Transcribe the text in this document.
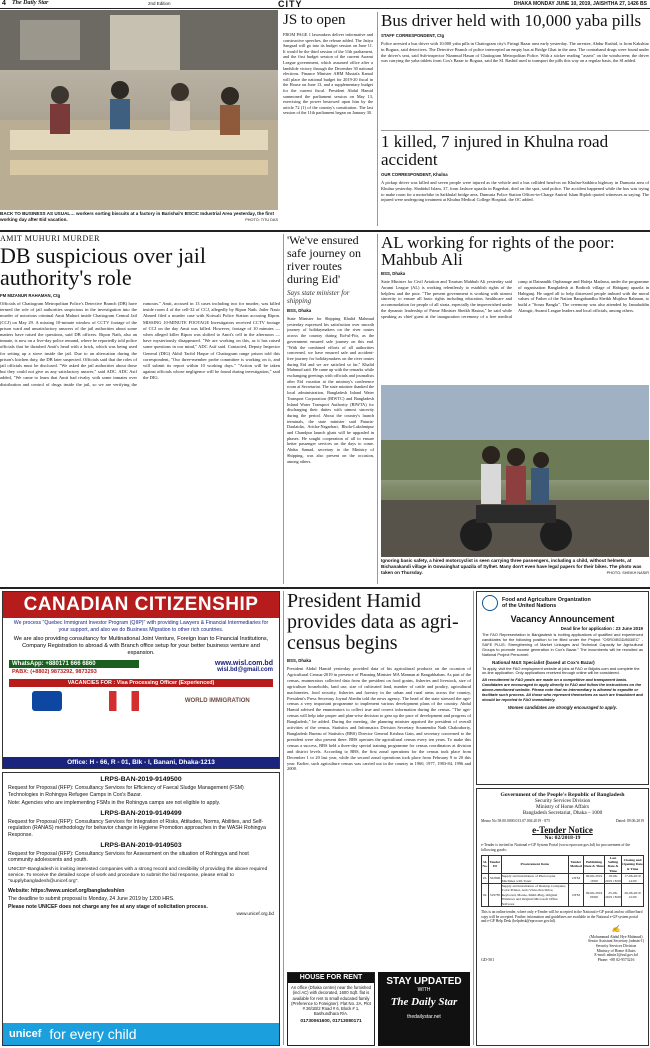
4 The Daily Star	2nd Edition	CITY	DHAKA MONDAY JUNE 10, 2019, JAISHTHA 27, 1426 BS
BACK TO BUSINESS AS USUAL… workers sorting biscuits at a factory in Barishal's BSCIC Industrial Area yesterday, the first working day after Eid vacation.	PHOTO: TITU DAS
JS to open

FROM PAGE 1 lawmakers deliver informative and constructive speeches, the release added. The Jatiya Sangsad will go into its budget session on June 11. It would be the third session of the 11th parliament, and the first budget session of the current Awami League government, which assumed office after a landslide victory through the December 30 national elections. Finance Minister AHM Mustafa Kamal will place the national budget for 2019-20 fiscal in the House on June 13, and a supplementary budget for the current fiscal. President Abdul Hamid summoned the parliament session on May 13, exercising the power bestowed upon him by the article 72 (1) of the country's constitution. The last session of the 11th parliament began on January 30.

Bus driver held with 10,000 yaba pills
STAFF CORRESPONDENT, Ctg

Police arrested a bus driver with 10,000 yaba pills in Chattogram city's Firingi Bazar area early yesterday. The arrestee, Abdur Rashid, is from Kakshiar in Bogura, said detectives. The Detective Branch of police intercepted an empty bus at Bridge Ghat in the area. The contraband drugs were found under the driver's seat, said Sub-inspector Nizamud Hasan of Chattogram Metropolitan Police. With a sticker reading "assets" on the windscreen; the driver was carrying the yaba tablets from Cox's Bazar to Bogura, said the SI. Rashid used to transport the pills this way on a regular basis, the SI added.

1 killed, 7 injured in Khulna road accident
OUR CORRESPONDENT, Khulna

A pickup driver was killed and seven people were injured as the vehicle and a bus collided head-on on Khulna-Satkhira highway in Dumuria area of Khulna yesterday. Shahidul Islam, 37, from Jashore upazila in Bagerhat, died on the spot, said police. The accident happened while the bus was trying to make room for a motorbike in Satkhulal bridge area, Dumuria Police Station Officer-in-Charge Amirul Islam Biplob quoted witnesses as saying. The injured were undergoing treatment at Khulna Medical College Hospital, the OC added.

AMIT MUHURI MURDER
DB suspicious over jail authority's role
FM MIZANUR RAHAMAN, Ctg

Officials of Chattogram Metropolitan Police's Detective Branch (DB) have termed the role of jail authorities suspicious in the investigation into the murder of notorious criminal Amit Muhuri inside Chattogram Central Jail (CCJ) on May 29. A missing 10-minute window of CCTV footage of the prison ward and unsatisfactory answers of the jail authorities about some matters have raised the questions, said DB officers. Ripon Nath, also an inmate, is now on a five-day police remand, where he reportedly told police officials that he thrashed Amit's head with a brick, which was being used for setting up a stove inside the jail. Due to an altercation during the prison's kitchen duty, the DB later suspected. Officials said that the roles of jail officials must be disclosed. "We asked the jail authorities about those but they could not give us any satisfactory answer," said ADC. ADC Asif added, "We came to learn that Amit had rivalry with some inmates over distribution and control of drugs inside the jail, so we are verifying the rumours." Amit, accused in 13 cases including two for murder, was killed inside room 4 of the cell-32 of CCJ, allegedly by Ripon Nath. Jailer Nasir Ahmed filed a murder case with Kotwali Police Station accusing Ripon. MISSING 10-MINUTE FOOTAGE Investigators received CCTV footage of CCJ on the day Amit was killed. However, footage of 10 minutes — when alleged killer Ripon was shifted to Amit's cell in the afternoon — have mysteriously disappeared. "We are working on this, as it has raised some questions in our mind," ADC Asif said. Contacted, Deputy Inspector General (DIG) Akhil Tarfid Haque of Chattogram range prison told this correspondent, "Our three-member probe committee is working on it, and will submit its report within 10 working days." "Action will be taken against officials whose negligence will be found during investigation," said the DIG.

'We've ensured safe journey on river routes during Eid'
Says state minister for shipping
BSS, Dhaka

State Minister for Shipping Khalid Mahmud yesterday expressed his satisfaction over smooth journey of holidaymakers on the river routes across the country during Eid-ul-Fitr, as the government ensured safe journey on this end. "With the combined efforts of all authorities concerned, we have ensured safe and accident-free journey for holidaymakers on the river routes during Eid and we are satisfied so far," Khalid Mahmud said. He came up with the remarks while exchanging greetings with officials and journalists after Eid vacation at the ministry's conference room at Secretariat. The state minister thanked the local administration, Bangladesh Inland Water Transport Corporation (BIWTC) and Bangladesh Inland Water Transport Authority (BIWTA) for discharging their duties with utmost sincerity during the period. About the country's launch terminals, the state minister said Paturia-Daulatdia, Aricha-Nagarbari, Bhola-Lakshmipur and Chandpur launch ghats will be upgraded in phases. He sought cooperation of all to ensure better passenger services on the days to come. Abdus Samad, secretary to the Ministry of Shipping, was also present on the occasion, among others.

AL working for rights of the poor: Mahbub Ali
BSS, Dhaka

State Minister for Civil Aviation and Tourism Mahbub Ali yesterday said Awami League (AL) is working relentlessly to establish rights of the helpless and the poor. "The present government is working with utmost sincerity to ensure all basic rights including education, healthcare and accommodation for people of all strata, especially the impoverished under the dynamic leadership of Prime Minister Sheikh Hasina," he said while speaking as chief guest at the inauguration ceremony of a free medical camp at Dainandik Orphanage and Hafeja Madrasa, under the programme of organisation Bangladesh at Bodiroli village of Habiganj upazila in Habiganj. He urged all to help distressed people imbued with the moral values of Father of the Nation Bangabandhu Sheikh Mujibur Rahman, to build a "Sonar Bangla". The ceremony was also attended by Jamaluddin Alamgir, Awami League leaders and local officials, among others.

Ignoring basic safety, a hired motorcyclist is seen carrying three passengers, including a child, without helmets, at Bichanakandi village in Gowainghat upazila of Sylhet. Many don't even have legal papers for their bikes. The photo was taken on Thursday.	PHOTO: SHEIKH NASIR
CANADIAN CITIZENSHIP

We process "Quebec Immigrant Investor Program (QIIP)" with providing Lawyers & Financial Intermediaries for your support, and also we do Business Migration to other rich countries.

We are also providing consultancy for Multinational Joint Venture, Foreign loan to Financial Institutions, Company Registration to abroad & with Branch office setup for your better business venture and expansion.

WhatsApp: +880171 666 6860
PABX: (+8802) 9873292, 9873293
www.wisl.com.bd
wisl.bd@gmail.com
VACANCIES FOR : Visa Processing Officer (Experienced)
WORLD IMMIGRATION
Office: H - 66, R - 01, Blk - I, Banani, Dhaka-1213
LRPS-BAN-2019-9149500

Request for Proposal (RFP): Consultancy Services for Efficiency of Faecal Sludge Management (FSM) Technologies in Rohingya Refugee Camps in Cox's Bazar.

Note: Agencies who are implementing FSMs in the Rohingya camps are not eligible to apply.

LRPS-BAN-2019-9149499

Request for Proposal (RFP): Consultancy Services for Integration of Risks, Attitudes, Norms, Abilities, and Self-regulation (RANAS) methodology for behavior change in Hygiene Promotion approaches in the WASH Rohingya Response.

LRPS-BAN-2019-9149503

Request for Proposal (RFP): Consultancy Services for Assessment on the situation of Rohingya and host community adolescents and youth.

UNICEF-Bangladesh is inviting interested companies with a strong record and credibility of providing the above required service. To receive the detailed scope of work and procedure to submit the bid response, please email to "supplybangladesh@unicef.org".

Website: https://www.unicef.org/bangladesh/en
The deadline to submit proposal is Monday, 24 June 2019 by 1200 HRS.
Please note UNICEF does not charge any fee at any stage of solicitation process.
www.unicef.org.bd
unicef for every child
President Hamid provides data as agri-census begins
BSS, Dhaka

President Abdul Hamid yesterday provided data of his agricultural products on the occasion of Agricultural Census-2019 in presence of Planning Minister MA Mannan at Bangabhaban. As part of the census, enumerators collected data from the president on food grains, fisheries and livestock, size of agriculture households, land use, size of cultivated land, number of cattle and poultry, agricultural machineries, food security, fisheries and forestry in the urban and rural areas across the country, President's Press Secretary Joynal Abedin told the news agency. The head of the state stressed the agri-census a very important programme to implement various development plans of the country. Abdul Hamid advised the enumerators to collect true and correct information during the census. "The agri-census will help take proper and plan-wise decision to gear up the pace of development and progress of Bangladesh," he added. During the meeting, the planning minister apprised the president of overall activities of the census. Statistics and Informatics Division Secretary Soumendra Nath Chakraborty, Bangladesh Bureau of Statistics (BBS) Director General Krishna Gain, and secretary concerned to the president were also present there. BBS operates the agricultural census every ten years. To make this census a success, BBS held a three-day special training programme for census coordinators at division and district levels. According to BBS, the first zonal operations for the census took place from December 1 to 20 last year, while the second zonal operations took place from February 9 to 20 this year. Earlier, such agriculture census was carried out in the country in 1960, 1977, 1983-84, 1996 and 2008.

HOUSE FOR RENT

An office (Dhaka centre) near the furnished (incl AC) with decorated, 1600 Sqft. flat is available for rent to small educated family (Preference to Foreigner). Flat No. 2A, Plot # 26/1B/2 Road # 6, Block # 1, Bashundhara R/A.

01730061600, 01713080171
STAY UPDATED
WITH
The Daily Star
thedailystar.net
Food and Agriculture Organization
of the United Nations
Vacancy Announcement
Dead line for application : 23 June 2019

The FAO Representation in Bangladesh is inviting applications of qualified and experienced candidates for the following position to be filled under the Project "OSRO/BGD/803/EC" - SAFE PLUS: Strengthening of Market Linkages and Technical Capacity for Agricultural Groups to promote income generation in Cox's Bazar." The incumbents will be recruited as National Project Personnel:

National M&S Specialist (based at Cox's Bazar)

To apply, visit the FAO employment website at jobs at FAO or Bdjobs.com and complete the on-line application. Only applications received through online will be considered.

All recruitment to FAO posts are made on a competitive and transparent basis. Candidates are encouraged to apply directly to FAO and follow the instructions on the above-mentioned website. Please note that no intermediary is allowed to expedite or facilitate such process. All those who represent themselves as such are fraudulent and should be reported to FAO immediately.

Women candidates are strongly encouraged to apply.
Government of the People's Republic of Bangladesh
Security Services Division
Ministry of Home Affairs
Bangladesh Secretariat, Dhaka – 1000
Memo No 58.00.0000.013.07.004.2019 - 875	Dated: 09.06.2019
e-Tender Notice
No: 02/2018-19

e-Tender is invited in National e-GP System Portal (www.eprocure.gov.bd) for procurement of the following goods:

SL No.	Tender ID	Procurement Items	Tender Method	Publishing Date & Time	Last Selling Date & Time	Closing and Opening Date & Time
01.	322846	Supply and installation of Photocopier Machines with Toner	OTM	09-06-2019 18:00	18-06-2019 18:00	17-06-2019 14:00
02.	319785	Supply and installation of Desktop Computer, Color Printer, Auto Vivus Pen Drive, Keyboard, Mouse, Multi-Plug, Original Windows and Original Microsoft Office Software	OTM	09-06-2019 09:00	25-06-2019 18:00	26-06-2019 12:00

This is an online tender, where only e-Tender will be accepted in the National e-GP portal and no offline/hard copy will be accepted. Further information and guidelines are available in the National e-GP system portal and e-GP Help Desk (helpdesk@eprocure.gov.bd).

GD-501
✍
(Mohammad Abdul Hye Mahmud)
Senior Assistant Secretary (admin-1)
Security Services Division
Ministry of Home Affairs
E-mail: admin1@ssd.gov.bd
Phone: +88 02-9573216
